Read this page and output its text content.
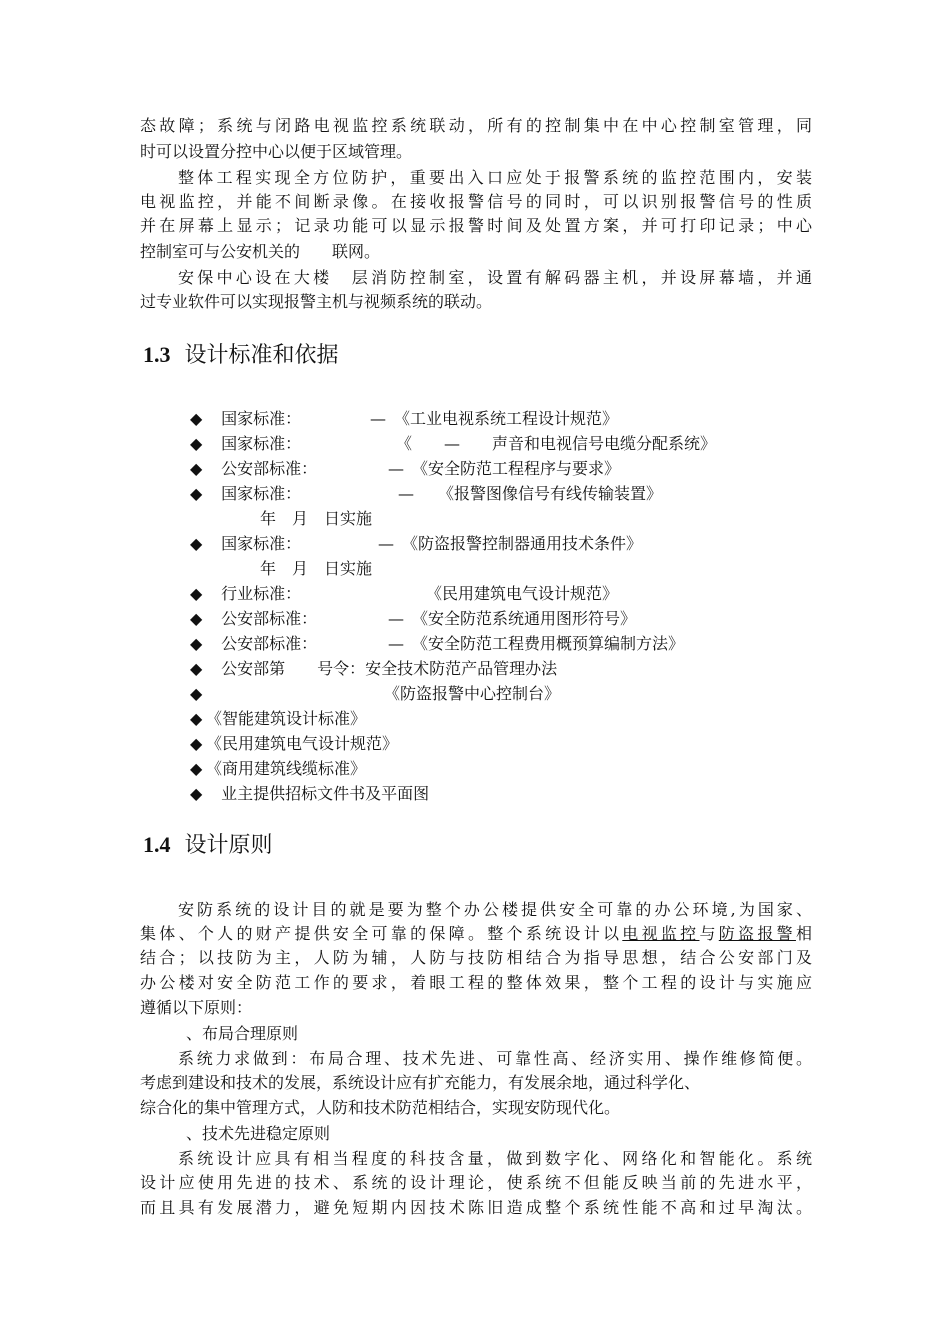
态故障；系统与闭路电视监控系统联动，所有的控制集中在中心控制室管理，同
时可以设置分控中心以便于区域管理。
整体工程实现全方位防护，重要出入口应处于报警系统的监控范围内，安装
电视监控，并能不间断录像。在接收报警信号的同时，可以识别报警信号的性质
并在屏幕上显示；记录功能可以显示报警时间及处置方案，并可打印记录；中心
控制室可与公安机关的　　联网。
安保中心设在大楼　层消防控制室，设置有解码器主机，并设屏幕墙，并通
过专业软件可以实现报警主机与视频系统的联动。
1.3 设计标准和依据
◆ 国家标准：	—　《工业电视系统工程设计规范》
◆ 国家标准：	《　　—　　声音和电视信号电缆分配系统》
◆ 公安部标准：	—　《安全防范工程程序与要求》
◆ 国家标准：	—　　《报警图像信号有线传输装置》
年　月　日实施
◆ 国家标准：	—　《防盗报警控制器通用技术条件》
年　月　日实施
◆ 行业标准：	《民用建筑电气设计规范》
◆ 公安部标准：	—　《安全防范系统通用图形符号》
◆ 公安部标准：	—　《安全防范工程费用概预算编制方法》
◆ 公安部第　　号令：安全技术防范产品管理办法
◆	《防盗报警中心控制台》
◆ 《智能建筑设计标准》
◆ 《民用建筑电气设计规范》
◆ 《商用建筑线缆标准》
◆ 业主提供招标文件书及平面图
1.4 设计原则
安防系统的设计目的就是要为整个办公楼提供安全可靠的办公环境,为国家、
集体、个人的财产提供安全可靠的保障。整个系统设计以电视监控与防盗报警相
结合；以技防为主，人防为辅，人防与技防相结合为指导思想，结合公安部门及
办公楼对安全防范工作的要求，着眼工程的整体效果，整个工程的设计与实施应
遵循以下原则：
、布局合理原则
系统力求做到：布局合理、技术先进、可靠性高、经济实用、操作维修简便。
考虑到建设和技术的发展，系统设计应有扩充能力，有发展余地，通过科学化、
综合化的集中管理方式，人防和技术防范相结合，实现安防现代化。
、技术先进稳定原则
系统设计应具有相当程度的科技含量，做到数字化、网络化和智能化。系统
设计应使用先进的技术、系统的设计理论，使系统不但能反映当前的先进水平，
而且具有发展潜力，避免短期内因技术陈旧造成整个系统性能不高和过早淘汰。
